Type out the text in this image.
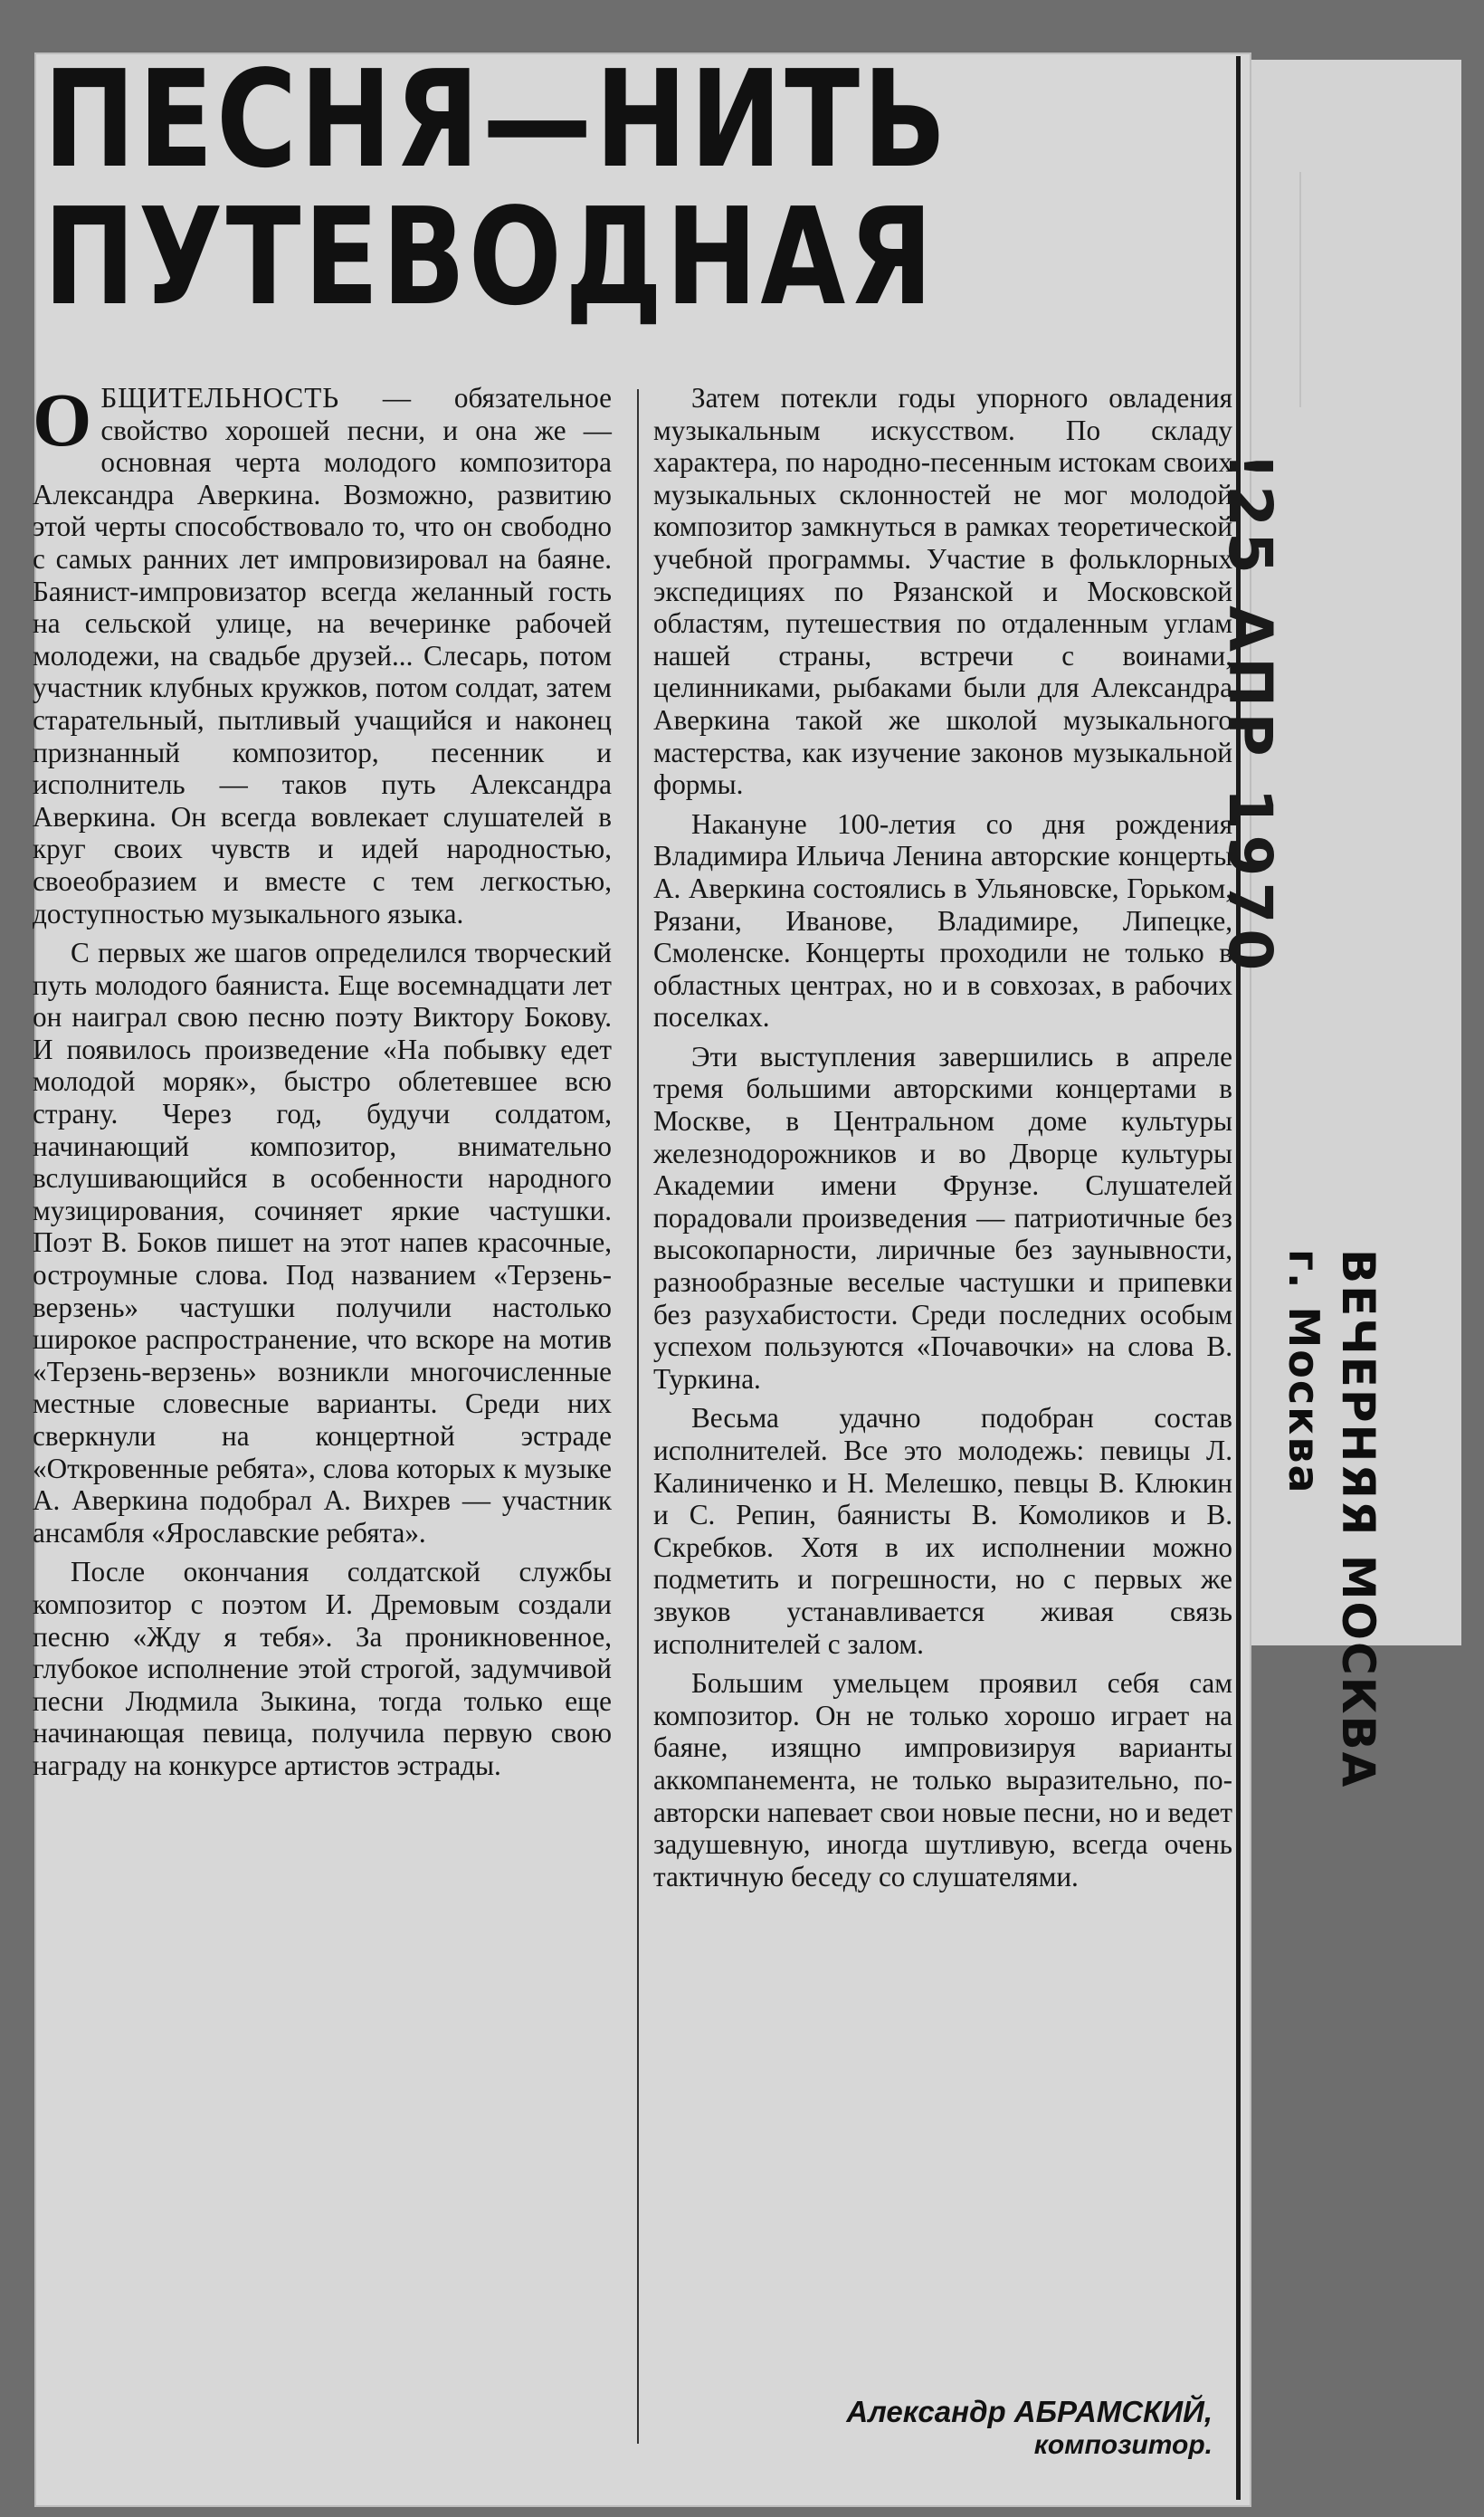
ПЕСНЯ—НИТЬ
ПУТЕВОДНАЯ

ОБЩИТЕЛЬНОСТЬ — обязательное свойство хорошей песни, и она же — основная черта молодого композитора Александра Аверкина. Возможно, развитию этой черты способствовало то, что он свободно с самых ранних лет импровизировал на баяне. Баянист-импровизатор всегда желанный гость на сельской улице, на вечеринке рабочей молодежи, на свадьбе друзей... Слесарь, потом участник клубных кружков, потом солдат, затем старательный, пытливый учащийся и наконец признанный композитор, песенник и исполнитель — таков путь Александра Аверкина. Он всегда вовлекает слушателей в круг своих чувств и идей народностью, своеобразием и вместе с тем легкостью, доступностью музыкального языка.

С первых же шагов определился творческий путь молодого баяниста. Еще восемнадцати лет он наиграл свою песню поэту Виктору Бокову. И появилось произведение «На побывку едет молодой моряк», быстро облетевшее всю страну. Через год, будучи солдатом, начинающий композитор, внимательно вслушивающийся в особенности народного музицирования, сочиняет яркие частушки. Поэт В. Боков пишет на этот напев красочные, остроумные слова. Под названием «Терзень-верзень» частушки получили настолько широкое распространение, что вскоре на мотив «Терзень-верзень» возникли многочисленные местные словесные варианты. Среди них сверкнули на концертной эстраде «Откровенные ребята», слова которых к музыке А. Аверкина подобрал А. Вихрев — участник ансамбля «Ярославские ребята».

После окончания солдатской службы композитор с поэтом И. Дремовым создали песню «Жду я тебя». За проникновенное, глубокое исполнение этой строгой, задумчивой песни Людмила Зыкина, тогда только еще начинающая певица, получила первую свою награду на конкурсе артистов эстрады.

Затем потекли годы упорного овладения музыкальным искусством. По складу характера, по народно-песенным истокам своих музыкальных склонностей не мог молодой композитор замкнуться в рамках теоретической учебной программы. Участие в фольклорных экспедициях по Рязанской и Московской областям, путешествия по отдаленным углам нашей страны, встречи с воинами, целинниками, рыбаками были для Александра Аверкина такой же школой музыкального мастерства, как изучение законов музыкальной формы.

Накануне 100-летия со дня рождения Владимира Ильича Ленина авторские концерты А. Аверкина состоялись в Ульяновске, Горьком, Рязани, Иванове, Владимире, Липецке, Смоленске. Концерты проходили не только в областных центрах, но и в совхозах, в рабочих поселках.

Эти выступления завершились в апреле тремя большими авторскими концертами в Москве, в Центральном доме культуры железнодорожников и во Дворце культуры Академии имени Фрунзе. Слушателей порадовали произведения — патриотичные без высокопарности, лиричные без заунывности, разнообразные веселые частушки и припевки без разухабистости. Среди последних особым успехом пользуются «Почавочки» на слова В. Туркина.

Весьма удачно подобран состав исполнителей. Все это молодежь: певицы Л. Калиниченко и Н. Мелешко, певцы В. Клюкин и С. Репин, баянисты В. Комоликов и В. Скребков. Хотя в их исполнении можно подметить и погрешности, но с первых же звуков устанавливается живая связь исполнителей с залом.

Большим умельцем проявил себя сам композитор. Он не только хорошо играет на баяне, изящно импровизируя варианты аккомпанемента, не только выразительно, по-авторски напевает свои новые песни, но и ведет задушевную, иногда шутливую, всегда очень тактичную беседу со слушателями.

Александр АБРАМСКИЙ,
композитор.
!25 АПР 1970
ВЕЧЕРНЯЯ МОСКВА
г. Москва
